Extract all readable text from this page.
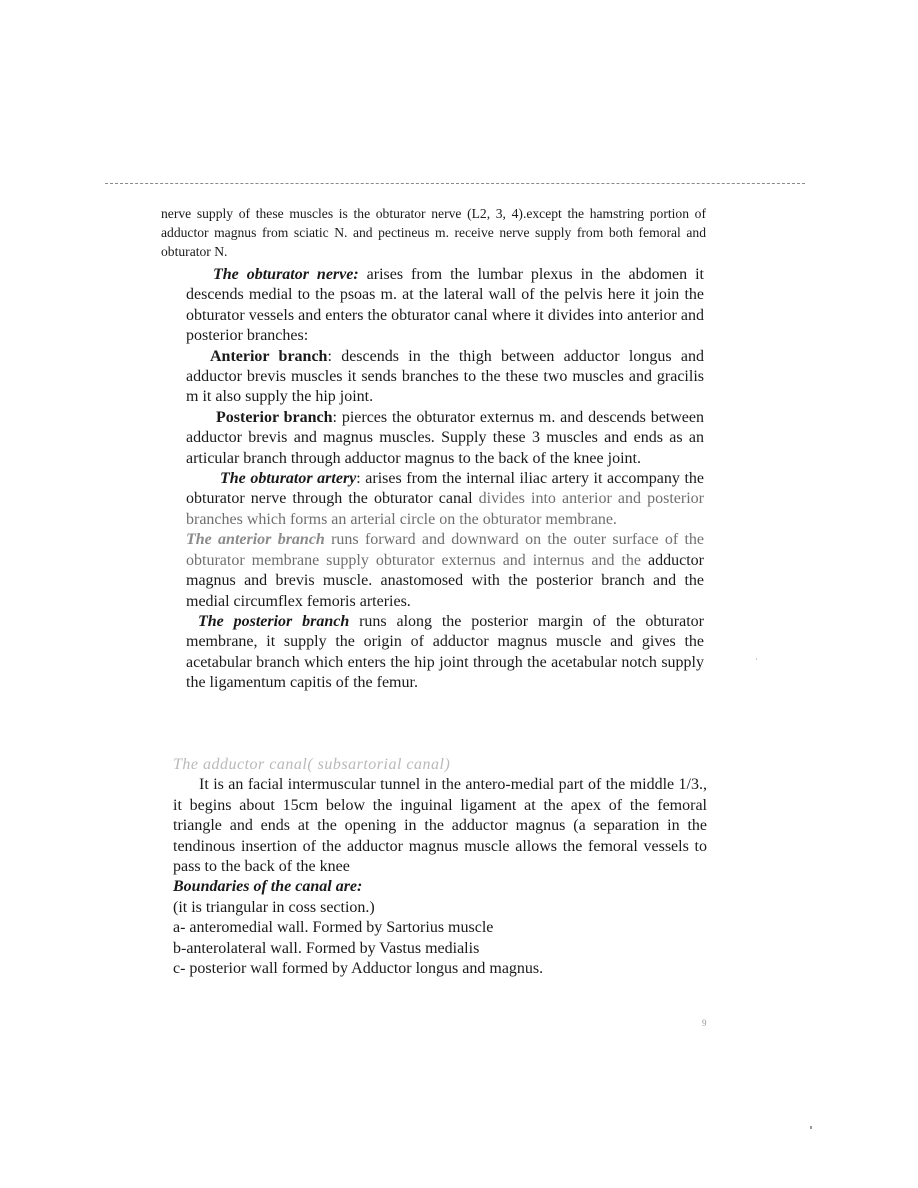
nerve supply of these muscles is the obturator nerve (L2, 3, 4).except the hamstring portion of adductor magnus from sciatic N. and pectineus m. receive nerve supply from both femoral and obturator N.

The obturator nerve: arises from the lumbar plexus in the abdomen it descends medial to the psoas m. at the lateral wall of the pelvis here it join the obturator vessels and enters the obturator canal where it divides into anterior and posterior branches:

Anterior branch: descends in the thigh between adductor longus and adductor brevis muscles it sends branches to the these two muscles and gracilis m it also supply the hip joint.

Posterior branch: pierces the obturator externus m. and descends between adductor brevis and magnus muscles. Supply these 3 muscles and ends as an articular branch through adductor magnus to the back of the knee joint.

The obturator artery: arises from the internal iliac artery it accompany the obturator nerve through the obturator canal divides into anterior and posterior branches which forms an arterial circle on the obturator membrane.

The anterior branch runs forward and downward on the outer surface of the obturator membrane supply obturator externus and internus and the adductor magnus and brevis muscle. anastomosed with the posterior branch and the medial circumflex femoris arteries.

The posterior branch runs along the posterior margin of the obturator membrane, it supply the origin of adductor magnus muscle and gives the acetabular branch which enters the hip joint through the acetabular notch supply the ligamentum capitis of the femur.

The adductor canal( subsartorial canal)

It is an facial intermuscular tunnel in the antero-medial part of the middle 1/3., it begins about 15cm below the inguinal ligament at the apex of the femoral triangle and ends at the opening in the adductor magnus (a separation in the tendinous insertion of the adductor magnus muscle allows the femoral vessels to pass to the back of the knee

Boundaries of the canal are:

(it is triangular in coss section.)

a- anteromedial wall. Formed by Sartorius muscle

b-anterolateral wall. Formed by Vastus medialis

c- posterior wall formed by Adductor longus and magnus.

9
